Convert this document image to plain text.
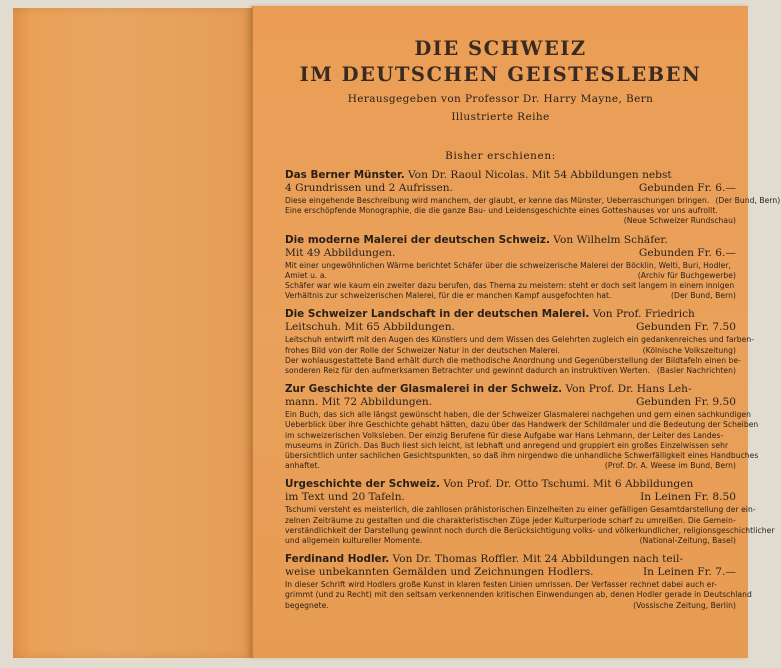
DIE SCHWEIZ
IM DEUTSCHEN GEISTESLEBEN
Herausgegeben von Professor Dr. Harry Mayne, Bern
Illustrierte Reihe
Bisher erschienen:
Das Berner Münster. Von Dr. Raoul Nicolas. Mit 54 Abbildungen nebst
4 Grundrissen und 2 Aufrissen.	Gebunden Fr. 6.—
Diese eingehende Beschreibung wird manchem, der glaubt, er kenne das Münster, Ueberraschungen bringen. (Der Bund, Bern)
Eine erschöpfende Monographie, die die ganze Bau- und Leidensgeschichte eines Gotteshauses vor uns aufrollt.
(Neue Schweizer Rundschau)
Die moderne Malerei der deutschen Schweiz. Von Wilhelm Schäfer.
Mit 49 Abbildungen.	Gebunden Fr. 6.—
Mit einer ungewöhnlichen Wärme berichtet Schäfer über die schweizerische Malerei der Böcklin, Welti, Buri, Hodler,
Amiet u. a.	(Archiv für Buchgewerbe)
Schäfer war wie kaum ein zweiter dazu berufen, das Thema zu meistern: steht er doch seit langem in einem innigen
Verhältnis zur schweizerischen Malerei, für die er manchen Kampf ausgefochten hat.	(Der Bund, Bern)
Die Schweizer Landschaft in der deutschen Malerei. Von Prof. Friedrich
Leitschuh. Mit 65 Abbildungen.	Gebunden Fr. 7.50
Leitschuh entwirft mit den Augen des Künstlers und dem Wissen des Gelehrten zugleich ein gedankenreiches und farben-
frohes Bild von der Rolle der Schweizer Natur in der deutschen Malerei.	(Kölnische Volkszeitung)
Der wohlausgestattete Band erhält durch die methodische Anordnung und Gegenüberstellung der Bildtafeln einen be-
sonderen Reiz für den aufmerksamen Betrachter und gewinnt dadurch an instruktiven Werten. (Basler Nachrichten)
Zur Geschichte der Glasmalerei in der Schweiz. Von Prof. Dr. Hans Leh-
mann. Mit 72 Abbildungen.	Gebunden Fr. 9.50
Ein Buch, das sich alle längst gewünscht haben, die der Schweizer Glasmalerei nachgehen und gern einen sachkundigen
Ueberblick über ihre Geschichte gehabt hätten, dazu über das Handwerk der Schildmaler und die Bedeutung der Scheiben
im schweizerischen Volksleben. Der einzig Berufene für diese Aufgabe war Hans Lehmann, der Leiter des Landes-
museums in Zürich. Das Buch liest sich leicht, ist lebhaft und anregend und gruppiert ein großes Einzelwissen sehr
übersichtlich unter sachlichen Gesichtspunkten, so daß ihm nirgendwo die unhandliche Schwerfälligkeit eines Handbuches
anhaftet.	(Prof. Dr. A. Weese im Bund, Bern)
Urgeschichte der Schweiz. Von Prof. Dr. Otto Tschumi. Mit 6 Abbildungen
im Text und 20 Tafeln.	In Leinen Fr. 8.50
Tschumi versteht es meisterlich, die zahllosen prähistorischen Einzelheiten zu einer gefälligen Gesamtdarstellung der ein-
zelnen Zeiträume zu gestalten und die charakteristischen Züge jeder Kulturperiode scharf zu umreißen. Die Gemein-
verständlichkeit der Darstellung gewinnt noch durch die Berücksichtigung volks- und völkerkundlicher, religionsgeschichtlicher
und allgemein kultureller Momente.	(National-Zeitung, Basel)
Ferdinand Hodler. Von Dr. Thomas Roffler. Mit 24 Abbildungen nach teil-
weise unbekannten Gemälden und Zeichnungen Hodlers.	In Leinen Fr. 7.—
In dieser Schrift wird Hodlers große Kunst in klaren festen Linien umrissen. Der Verfasser rechnet dabei auch er-
grimmt (und zu Recht) mit den seltsam verkennenden kritischen Einwendungen ab, denen Hodler gerade in Deutschland
begegnete.	(Vossische Zeitung, Berlin)
